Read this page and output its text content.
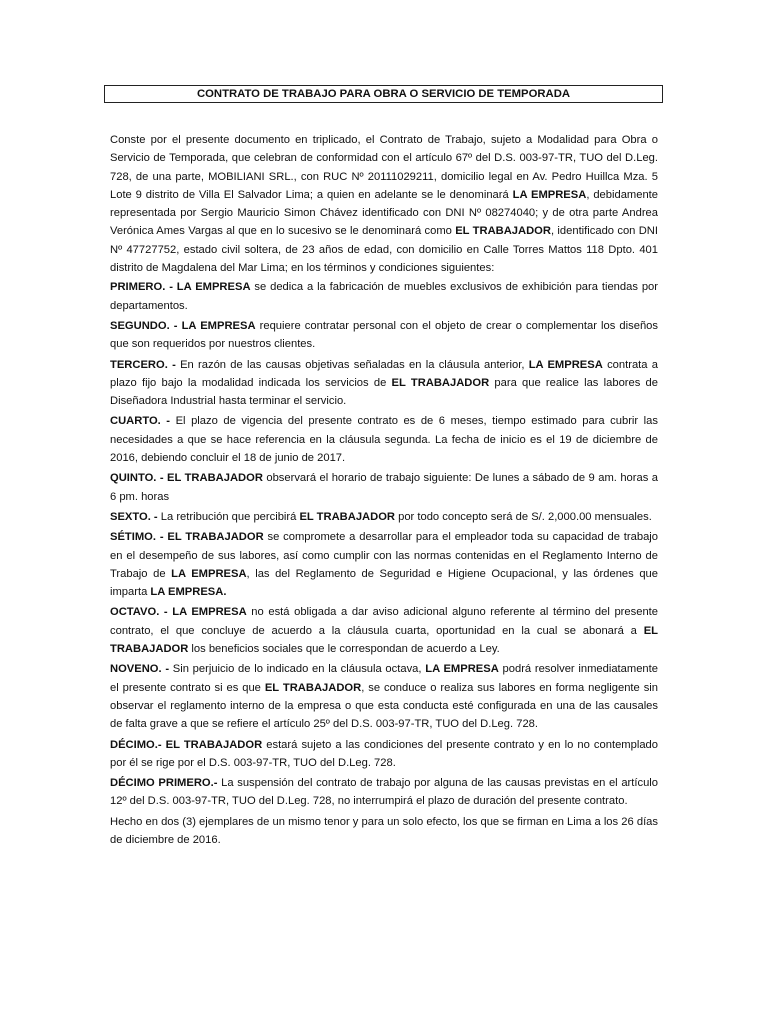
CONTRATO DE TRABAJO PARA OBRA O SERVICIO DE TEMPORADA

Conste por el presente documento en triplicado, el Contrato de Trabajo, sujeto a Modalidad para Obra o Servicio de Temporada, que celebran de conformidad con el artículo 67º del D.S. 003-97-TR, TUO del D.Leg. 728, de una parte, MOBILIANI SRL., con RUC Nº 20111029211, domicilio legal en Av. Pedro Huillca Mza. 5 Lote 9 distrito de Villa El Salvador Lima; a quien en adelante se le denominará LA EMPRESA, debidamente representada por Sergio Mauricio Simon Chávez identificado con DNI Nº 08274040; y de otra parte Andrea Verónica Ames Vargas al que en lo sucesivo se le denominará como EL TRABAJADOR, identificado con DNI Nº 47727752, estado civil soltera, de 23 años de edad, con domicilio en Calle Torres Mattos 118 Dpto. 401 distrito de Magdalena del Mar Lima; en los términos y condiciones siguientes:

PRIMERO. - LA EMPRESA se dedica a la fabricación de muebles exclusivos de exhibición para tiendas por departamentos.

SEGUNDO. - LA EMPRESA requiere contratar personal con el objeto de crear o complementar los diseños que son requeridos por nuestros clientes.

TERCERO. - En razón de las causas objetivas señaladas en la cláusula anterior, LA EMPRESA contrata a plazo fijo bajo la modalidad indicada los servicios de EL TRABAJADOR para que realice las labores de Diseñadora Industrial hasta terminar el servicio.

CUARTO. - El plazo de vigencia del presente contrato es de 6 meses, tiempo estimado para cubrir las necesidades a que se hace referencia en la cláusula segunda. La fecha de inicio es el 19 de diciembre de 2016, debiendo concluir el 18 de junio de 2017.

QUINTO. - EL TRABAJADOR observará el horario de trabajo siguiente: De lunes a sábado de 9 am. horas a 6 pm. horas

SEXTO. - La retribución que percibirá EL TRABAJADOR por todo concepto será de S/. 2,000.00 mensuales.

SÉTIMO. - EL TRABAJADOR se compromete a desarrollar para el empleador toda su capacidad de trabajo en el desempeño de sus labores, así como cumplir con las normas contenidas en el Reglamento Interno de Trabajo de LA EMPRESA, las del Reglamento de Seguridad e Higiene Ocupacional, y las órdenes que imparta LA EMPRESA.

OCTAVO. - LA EMPRESA no está obligada a dar aviso adicional alguno referente al término del presente contrato, el que concluye de acuerdo a la cláusula cuarta, oportunidad en la cual se abonará a EL TRABAJADOR los beneficios sociales que le correspondan de acuerdo a Ley.

NOVENO. - Sin perjuicio de lo indicado en la cláusula octava, LA EMPRESA podrá resolver inmediatamente el presente contrato si es que EL TRABAJADOR, se conduce o realiza sus labores en forma negligente sin observar el reglamento interno de la empresa o que esta conducta esté configurada en una de las causales de falta grave a que se refiere el artículo 25º del D.S. 003-97-TR, TUO del D.Leg. 728.

DÉCIMO.- EL TRABAJADOR estará sujeto a las condiciones del presente contrato y en lo no contemplado por él se rige por el D.S. 003-97-TR, TUO del D.Leg. 728.

DÉCIMO PRIMERO.- La suspensión del contrato de trabajo por alguna de las causas previstas en el artículo 12º del D.S. 003-97-TR, TUO del D.Leg. 728, no interrumpirá el plazo de duración del presente contrato.

Hecho en dos (3) ejemplares de un mismo tenor y para un solo efecto, los que se firman en Lima a los 26 días de diciembre de 2016.
